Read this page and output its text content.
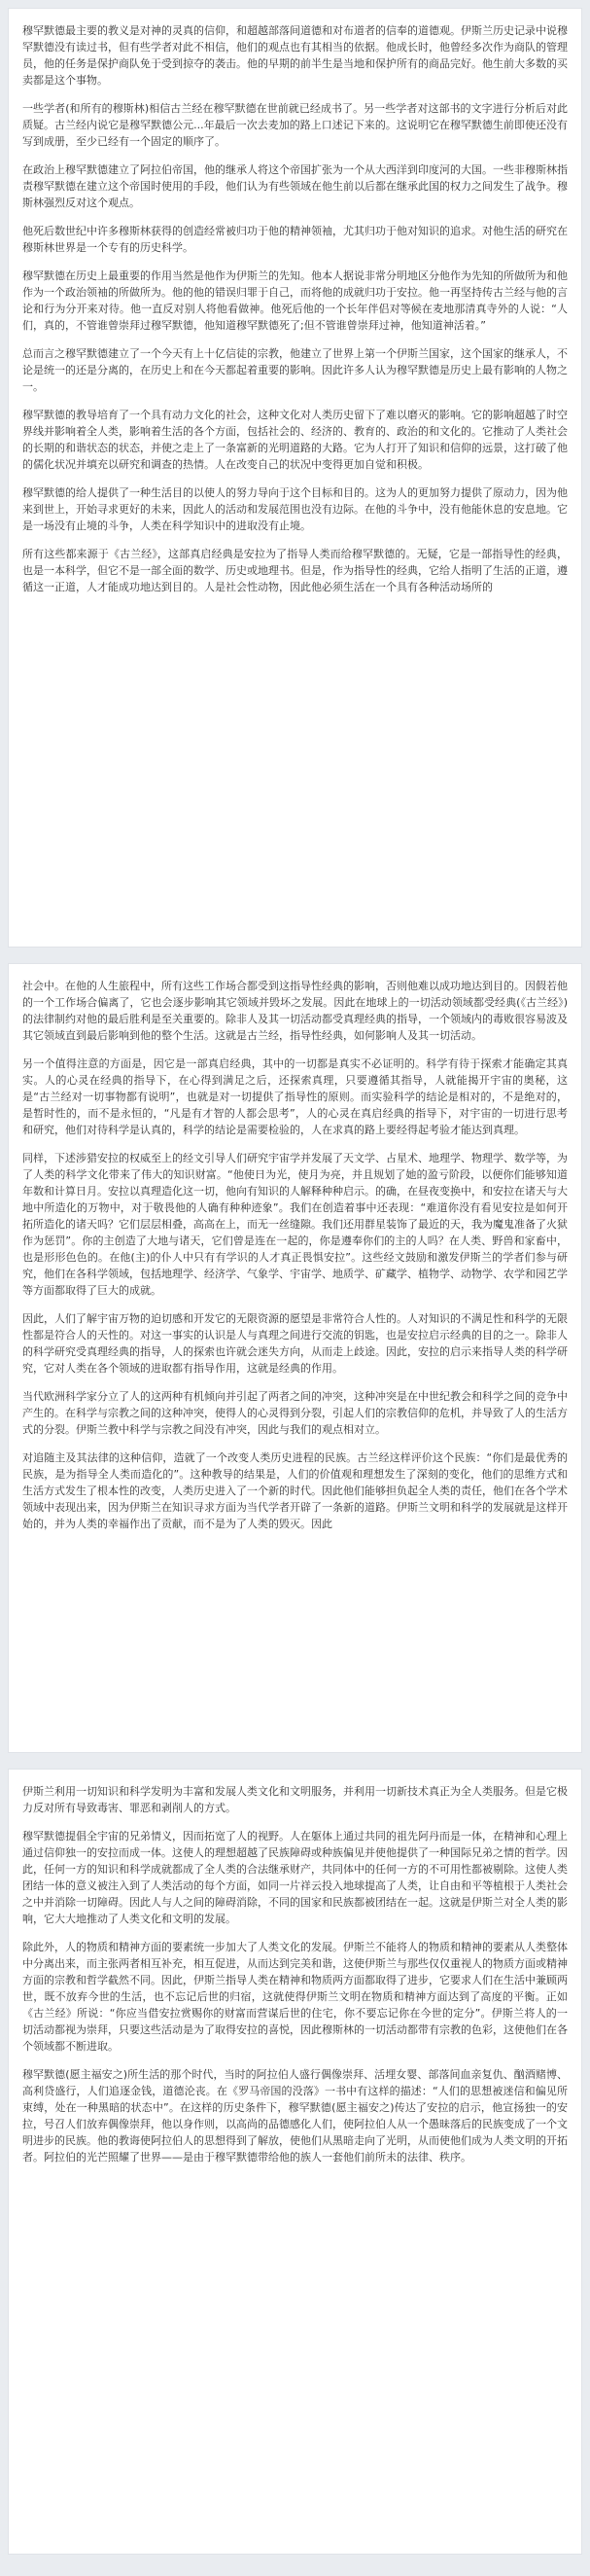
穆罕默德最主要的教义是对神的灵真的信仰，和超越部落间道德和对布道者的信奉的道德观。伊斯兰历史记录中说穆罕默德没有读过书，但有些学者对此不相信，他们的观点也有其相当的依据。他成长时，他曾经多次作为商队的管理员，他的任务是保护商队免于受到掠夺的袭击。他的早期的前半生是当地和保护所有的商品完好。他生前大多数的买卖都是这个事物。

一些学者(和所有的穆斯林)相信古兰经在穆罕默德在世前就已经成书了。另一些学者对这部书的文字进行分析后对此质疑。古兰经内说它是穆罕默德公元...年最后一次去麦加的路上口述记下来的。这说明它在穆罕默德生前即使还没有写到成册，至少已经有一个固定的顺序了。

在政治上穆罕默德建立了阿拉伯帝国，他的继承人将这个帝国扩张为一个从大西洋到印度河的大国。一些非穆斯林指责穆罕默德在建立这个帝国时使用的手段，他们认为有些领域在他生前以后都在继承此国的权力之间发生了战争。穆斯林强烈反对这个观点。

他死后数世纪中许多穆斯林获得的创造经常被归功于他的精神领袖，尤其归功于他对知识的追求。对他生活的研究在穆斯林世界是一个专有的历史科学。

穆罕默德在历史上最重要的作用当然是他作为伊斯兰的先知。他本人据说非常分明地区分他作为先知的所做所为和他作为一个政治领袖的所做所为。他的他的错误归罪于自己，而将他的成就归功于安拉。他一再坚持传古兰经与他的言论和行为分开来对待。他一直反对别人将他看做神。他死后他的一个长年伴侣对等候在麦地那清真寺外的人说：“人们，真的，不管谁曾崇拜过穆罕默德，他知道穆罕默德死了;但不管谁曾崇拜过神，他知道神活着。”

总而言之穆罕默德建立了一个今天有上十亿信徒的宗教，他建立了世界上第一个伊斯兰国家，这个国家的继承人，不论是统一的还是分离的，在历史上和在今天都起着重要的影响。因此许多人认为穆罕默德是历史上最有影响的人物之一。

穆罕默德的教导培育了一个具有动力文化的社会，这种文化对人类历史留下了难以磨灭的影响。它的影响超越了时空界线并影响着全人类，影响着生活的各个方面，包括社会的、经济的、教育的、政治的和文化的。它推动了人类社会的长期的和谐状态的状态，并使之走上了一条富新的光明道路的大路。它为人打开了知识和信仰的远景，这打破了他的儒化状况并填充以研究和调查的热情。人在改变自己的状况中变得更加自觉和积极。

穆罕默德的给人提供了一种生活目的以使人的努力导向于这个目标和目的。这为人的更加努力提供了原动力，因为他来到世上，开始寻求更好的未来，因此人的活动和发展范围也没有边际。在他的斗争中，没有他能休息的安息地。它是一场没有止境的斗争，人类在科学知识中的进取没有止境。

所有这些都来源于《古兰经》，这部真启经典是安拉为了指导人类而给穆罕默德的。无疑，它是一部指导性的经典，也是一本科学，但它不是一部全面的数学、历史或地理书。但是，作为指导性的经典，它给人指明了生活的正道，遵循这一正道，人才能成功地达到目的。人是社会性动物，因此他必须生活在一个具有各种活动场所的

社会中。在他的人生旅程中，所有这些工作场合都受到这指导性经典的影响，否则他难以成功地达到目的。因假若他的一个工作场合偏离了，它也会逐步影响其它领域并毁坏之发展。因此在地球上的一切活动领域都受经典(《古兰经》)的法律制约对他的最后胜利是至关重要的。除非人及其一切活动都受真理经典的指导，一个领域内的毒败很容易波及其它领域直到最后影响到他的整个生活。这就是古兰经，指导性经典，如何影响人及其一切活动。

另一个值得注意的方面是，因它是一部真启经典，其中的一切都是真实不必证明的。科学有待于探索才能确定其真实。人的心灵在经典的指导下，在心得到满足之后，还探索真理，只要遵循其指导，人就能揭开宇宙的奥秘，这是“古兰经对一切事物都有说明”，也就是对一切提供了指导性的原则。而实验科学的结论是相对的，不是绝对的，是暂时性的，而不是永恒的，“凡是有才智的人都会思考”，人的心灵在真启经典的指导下，对宇宙的一切进行思考和研究，他们对待科学是认真的，科学的结论是需要检验的，人在求真的路上要经得起考验才能达到真理。

同样，下述涉猎安拉的权威至上的经文引导人们研究宇宙学并发展了天文学、占星术、地理学、物理学、数学等，为了人类的科学文化带来了伟大的知识财富。“他使日为光，使月为亮，并且规划了她的盈亏阶段，以便你们能够知道年数和计算日月。安拉以真理造化这一切，他向有知识的人解释种种启示。的确，在昼夜变换中，和安拉在诸天与大地中所造化的万物中，对于敬畏他的人确有种种迹象”。我们在创造着事中还表现：“难道你没有看见安拉是如何开拓所造化的诸天吗？它们层层相叠，高高在上，而无一丝缝隙。我们还用群星装饰了最近的天，我为魔鬼准备了火狱作为惩罚”。你的主创造了大地与诸天，它们曾是连在一起的，你是遵奉你们的主的人吗？在人类、野兽和家畜中，也是形形色色的。在他(主)的仆人中只有有学识的人才真正畏惧安拉”。这些经文鼓励和激发伊斯兰的学者们参与研究，他们在各科学领域，包括地理学、经济学、气象学、宇宙学、地质学、矿藏学、植物学、动物学、农学和园艺学等方面都取得了巨大的成就。

因此，人们了解宇宙万物的迫切感和开发它的无限资源的愿望是非常符合人性的。人对知识的不满足性和科学的无限性都是符合人的天性的。对这一事实的认识是人与真理之间进行交流的钥匙，也是安拉启示经典的目的之一。除非人的科学研究受真理经典的指导，人的探索也许就会迷失方向，从而走上歧途。因此，安拉的启示来指导人类的科学研究，它对人类在各个领域的进取都有指导作用，这就是经典的作用。

当代欧洲科学家分立了人的这两种有机倾向并引起了两者之间的冲突，这种冲突是在中世纪教会和科学之间的竞争中产生的。在科学与宗教之间的这种冲突，使得人的心灵得到分裂，引起人们的宗教信仰的危机，并导致了人的生活方式的分裂。伊斯兰教中科学与宗教之间没有冲突，因此与我们的观点相对立。

对追随主及其法律的这种信仰，造就了一个改变人类历史进程的民族。古兰经这样评价这个民族：“你们是最优秀的民族，是为指导全人类而造化的”。这种教导的结果是，人们的价值观和理想发生了深刻的变化，他们的思维方式和生活方式发生了根本性的改变，人类历史进入了一个新的时代。因此他们能够担负起全人类的责任，他们在各个学术领域中表现出来，因为伊斯兰在知识寻求方面为当代学者开辟了一条新的道路。伊斯兰文明和科学的发展就是这样开始的，并为人类的幸福作出了贡献，而不是为了人类的毁灭。因此

伊斯兰利用一切知识和科学发明为丰富和发展人类文化和文明服务，并利用一切新技术真正为全人类服务。但是它极力反对所有导致毒害、罪恶和剥削人的方式。

穆罕默德提倡全宇宙的兄弟情义，因而拓宽了人的视野。人在躯体上通过共同的祖先阿丹而是一体，在精神和心理上通过信仰独一的安拉而成一体。这使人的理想超越了民族障碍或种族偏见并使他提供了一种国际兄弟之情的哲学。因此，任何一方的知识和科学成就都成了全人类的合法继承财产，共同体中的任何一方的不可用性都被剔除。这使人类团结一体的意义被注入到了人类活动的每个方面，如同一片祥云投入地球提高了人类，让自由和平等植根于人类社会之中并消除一切障碍。因此人与人之间的障碍消除，不同的国家和民族都被团结在一起。这就是伊斯兰对全人类的影响，它大大地推动了人类文化和文明的发展。

除此外，人的物质和精神方面的要素统一步加大了人类文化的发展。伊斯兰不能将人的物质和精神的要素从人类整体中分离出来，而主张两者相互补充，相互促进，从而达到完美和谐，这使伊斯兰与那些仅仅重视人的物质方面或精神方面的宗教和哲学截然不同。因此，伊斯兰指导人类在精神和物质两方面都取得了进步，它要求人们在生活中兼顾两世，既不放弃今世的生活，也不忘记后世的归宿，这就使得伊斯兰文明在物质和精神方面达到了高度的平衡。正如《古兰经》所说：“你应当借安拉赏赐你的财富而营谋后世的住宅，你不要忘记你在今世的定分”。伊斯兰将人的一切活动都视为崇拜，只要这些活动是为了取得安拉的喜悦，因此穆斯林的一切活动都带有宗教的色彩，这使他们在各个领域都不断进取。

穆罕默德(愿主福安之)所生活的那个时代，当时的阿拉伯人盛行偶像崇拜、活埋女婴、部落间血亲复仇、酗酒赌博、高利贷盛行，人们追逐金钱，道德沦丧。在《罗马帝国的没落》一书中有这样的描述：“人们的思想被迷信和偏见所束缚，处在一种黑暗的状态中”。在这样的历史条件下，穆罕默德(愿主福安之)传达了安拉的启示，他宣扬独一的安拉，号召人们放弃偶像崇拜，他以身作则，以高尚的品德感化人们，使阿拉伯人从一个愚昧落后的民族变成了一个文明进步的民族。他的教诲使阿拉伯人的思想得到了解放，使他们从黑暗走向了光明，从而使他们成为人类文明的开拓者。阿拉伯的光芒照耀了世界——是由于穆罕默德带给他的族人一套他们前所未的法律、秩序。
